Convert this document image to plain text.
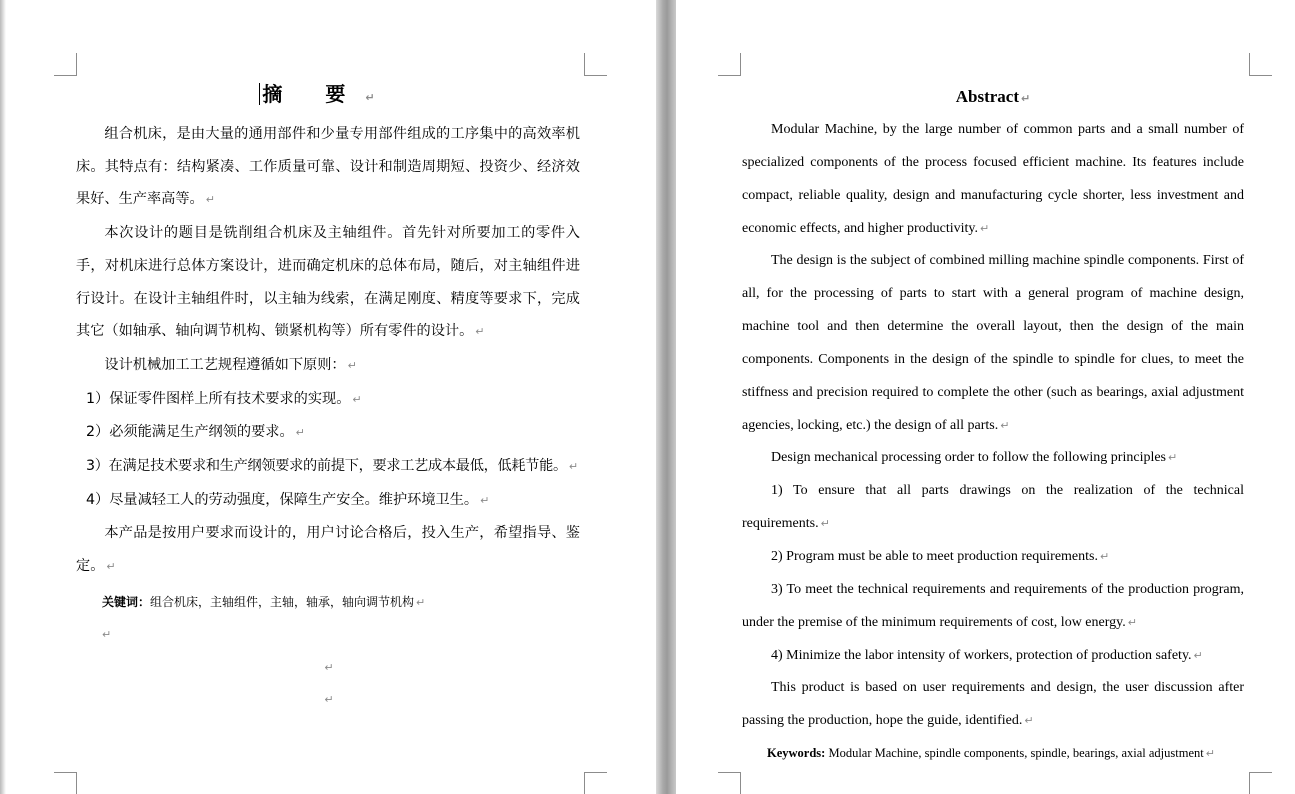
摘 要 ↵

组合机床，是由大量的通用部件和少量专用部件组成的工序集中的高效率机床。其特点有：结构紧凑、工作质量可靠、设计和制造周期短、投资少、经济效果好、生产率高等。 ↵

本次设计的题目是铣削组合机床及主轴组件。首先针对所要加工的零件入手，对机床进行总体方案设计，进而确定机床的总体布局，随后，对主轴组件进行设计。在设计主轴组件时，以主轴为线索，在满足刚度、精度等要求下，完成其它（如轴承、轴向调节机构、锁紧机构等）所有零件的设计。 ↵

设计机械加工工艺规程遵循如下原则： ↵

1）保证零件图样上所有技术要求的实现。 ↵

2）必须能满足生产纲领的要求。 ↵

3）在满足技术要求和生产纲领要求的前提下，要求工艺成本最低，低耗节能。 ↵

4）尽量减轻工人的劳动强度，保障生产安全。维护环境卫生。 ↵

本产品是按用户要求而设计的，用户讨论合格后，投入生产，希望指导、鉴定。 ↵

关键词：组合机床，主轴组件，主轴，轴承，轴向调节机构 ↵

↵

↵

↵

Abstract ↵

Modular Machine, by the large number of common parts and a small number of specialized components of the process focused efficient machine. Its features include compact, reliable quality, design and manufacturing cycle shorter, less investment and economic effects, and higher productivity. ↵

The design is the subject of combined milling machine spindle components. First of all, for the processing of parts to start with a general program of machine design, machine tool and then determine the overall layout, then the design of the main components. Components in the design of the spindle to spindle for clues, to meet the stiffness and precision required to complete the other (such as bearings, axial adjustment agencies, locking, etc.) the design of all parts. ↵

Design mechanical processing order to follow the following principles ↵

1) To ensure that all parts drawings on the realization of the technical requirements. ↵

2) Program must be able to meet production requirements. ↵

3) To meet the technical requirements and requirements of the production program, under the premise of the minimum requirements of cost, low energy. ↵

4) Minimize the labor intensity of workers, protection of production safety. ↵

This product is based on user requirements and design, the user discussion after passing the production, hope the guide, identified. ↵

Keywords: Modular Machine, spindle components, spindle, bearings, axial adjustment ↵
